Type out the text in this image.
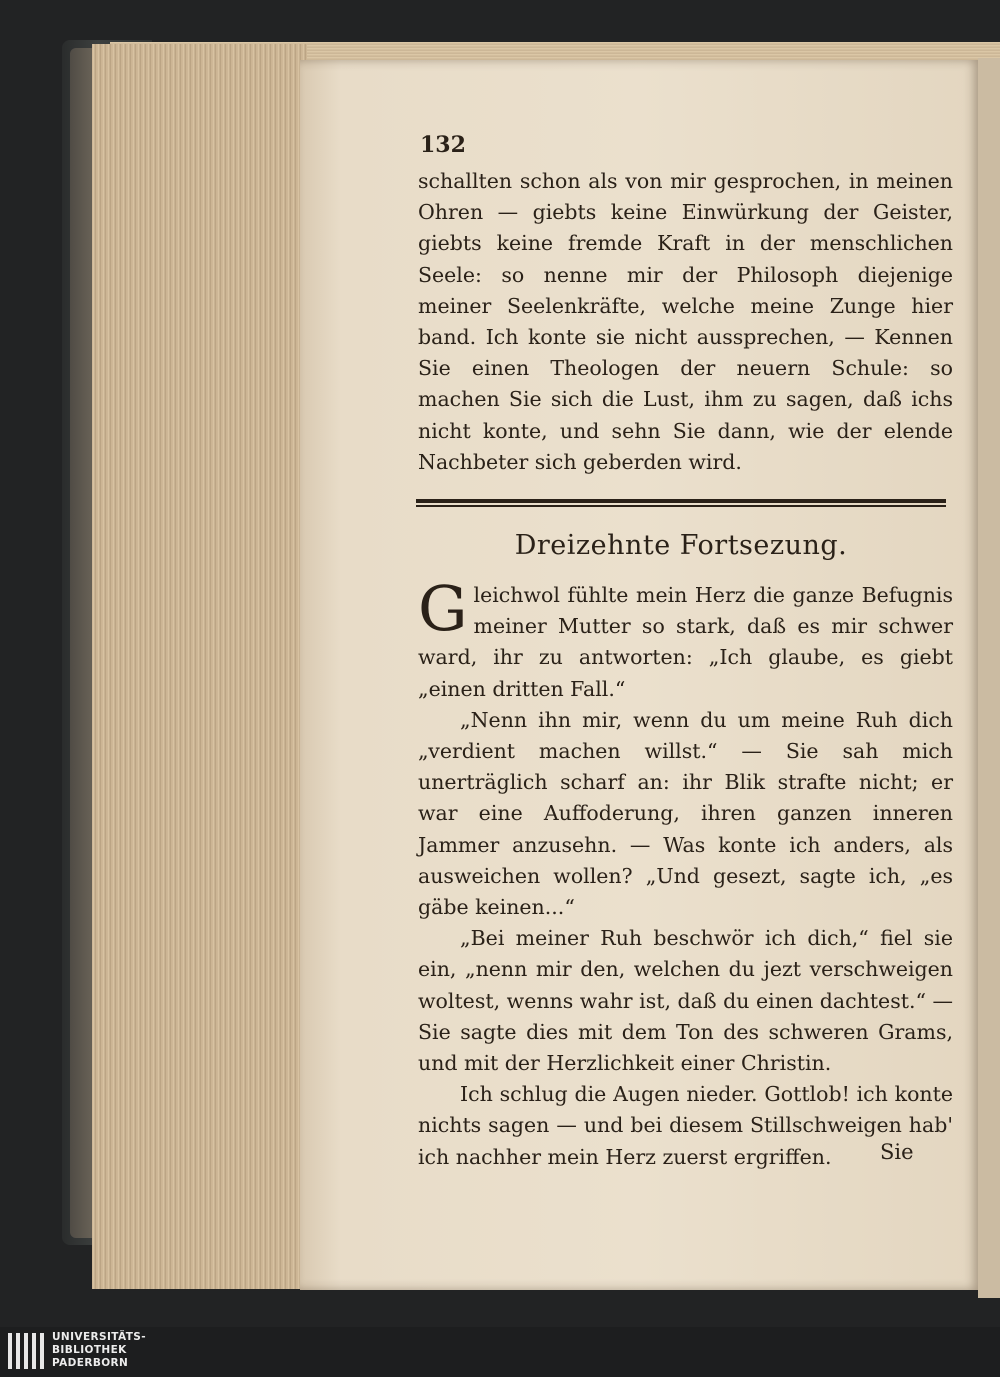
132

schallten schon als von mir gesprochen, in meinen Ohren — giebts keine Einwürkung der Geister, giebts keine fremde Kraft in der menschlichen Seele: so nenne mir der Philosoph diejenige meiner Seelenkräfte, welche meine Zunge hier band. Ich konte sie nicht aussprechen, — Kennen Sie einen Theologen der neuern Schule: so machen Sie sich die Lust, ihm zu sagen, daß ichs nicht konte, und sehn Sie dann, wie der elende Nachbeter sich geberden wird.

Dreizehnte Fortsezung.

Gleichwol fühlte mein Herz die ganze Befugnis meiner Mutter so stark, daß es mir schwer ward, ihr zu antworten: „Ich glaube, es giebt „einen dritten Fall.“

„Nenn ihn mir, wenn du um meine Ruh dich „verdient machen willst.“ — Sie sah mich unerträglich scharf an: ihr Blik strafte nicht; er war eine Auffoderung, ihren ganzen inneren Jammer anzusehn. — Was konte ich anders, als ausweichen wollen? „Und gesezt, sagte ich, „es gäbe keinen...“

„Bei meiner Ruh beschwör ich dich,“ fiel sie ein, „nenn mir den, welchen du jezt verschweigen woltest, wenns wahr ist, daß du einen dachtest.“ — Sie sagte dies mit dem Ton des schweren Grams, und mit der Herzlichkeit einer Christin.

Ich schlug die Augen nieder. Gottlob! ich konte nichts sagen — und bei diesem Stillschweigen hab' ich nachher mein Herz zuerst ergriffen.	Sie
UNIVERSITÄTS-
BIBLIOTHEK
PADERBORN
